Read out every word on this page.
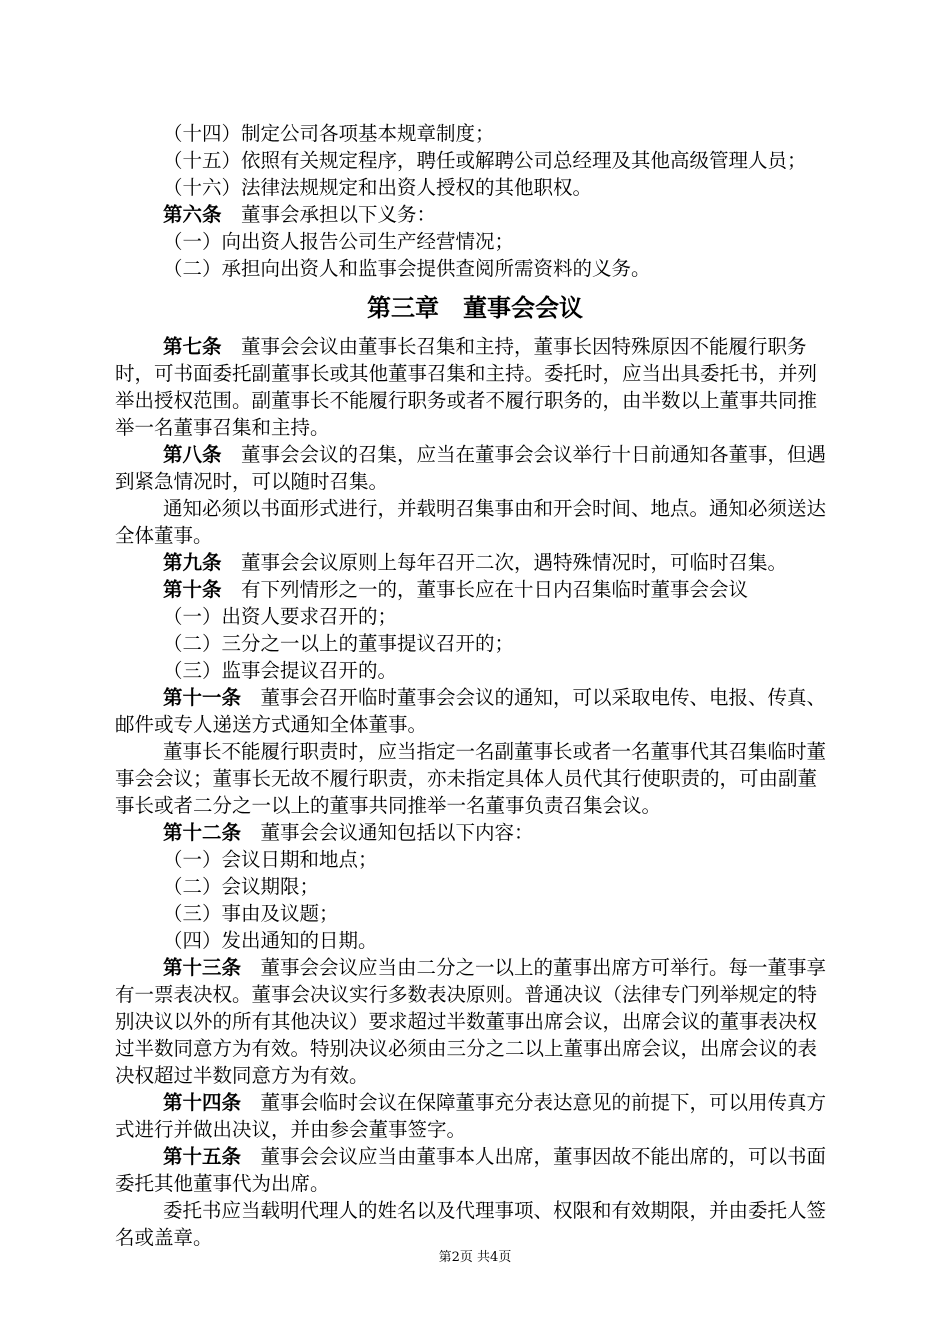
（十四）制定公司各项基本规章制度；

（十五）依照有关规定程序，聘任或解聘公司总经理及其他高级管理人员；

（十六）法律法规规定和出资人授权的其他职权。

第六条　董事会承担以下义务：

（一）向出资人报告公司生产经营情况；

（二）承担向出资人和监事会提供查阅所需资料的义务。

第三章　董事会会议

第七条　董事会会议由董事长召集和主持，董事长因特殊原因不能履行职务时，可书面委托副董事长或其他董事召集和主持。委托时，应当出具委托书，并列举出授权范围。副董事长不能履行职务或者不履行职务的，由半数以上董事共同推举一名董事召集和主持。

第八条　董事会会议的召集，应当在董事会会议举行十日前通知各董事，但遇到紧急情况时，可以随时召集。

通知必须以书面形式进行，并载明召集事由和开会时间、地点。通知必须送达全体董事。

第九条　董事会会议原则上每年召开二次，遇特殊情况时，可临时召集。

第十条　有下列情形之一的，董事长应在十日内召集临时董事会会议

（一）出资人要求召开的；

（二）三分之一以上的董事提议召开的；

（三）监事会提议召开的。

第十一条　董事会召开临时董事会会议的通知，可以采取电传、电报、传真、邮件或专人递送方式通知全体董事。

董事长不能履行职责时，应当指定一名副董事长或者一名董事代其召集临时董事会会议；董事长无故不履行职责，亦未指定具体人员代其行使职责的，可由副董事长或者二分之一以上的董事共同推举一名董事负责召集会议。

第十二条　董事会会议通知包括以下内容：

（一）会议日期和地点；

（二）会议期限；

（三）事由及议题；

（四）发出通知的日期。

第十三条　董事会会议应当由二分之一以上的董事出席方可举行。每一董事享有一票表决权。董事会决议实行多数表决原则。普通决议（法律专门列举规定的特别决议以外的所有其他决议）要求超过半数董事出席会议，出席会议的董事表决权过半数同意方为有效。特别决议必须由三分之二以上董事出席会议，出席会议的表决权超过半数同意方为有效。

第十四条　董事会临时会议在保障董事充分表达意见的前提下，可以用传真方式进行并做出决议，并由参会董事签字。

第十五条　董事会会议应当由董事本人出席，董事因故不能出席的，可以书面委托其他董事代为出席。

委托书应当载明代理人的姓名以及代理事项、权限和有效期限，并由委托人签名或盖章。

第2页 共4页
